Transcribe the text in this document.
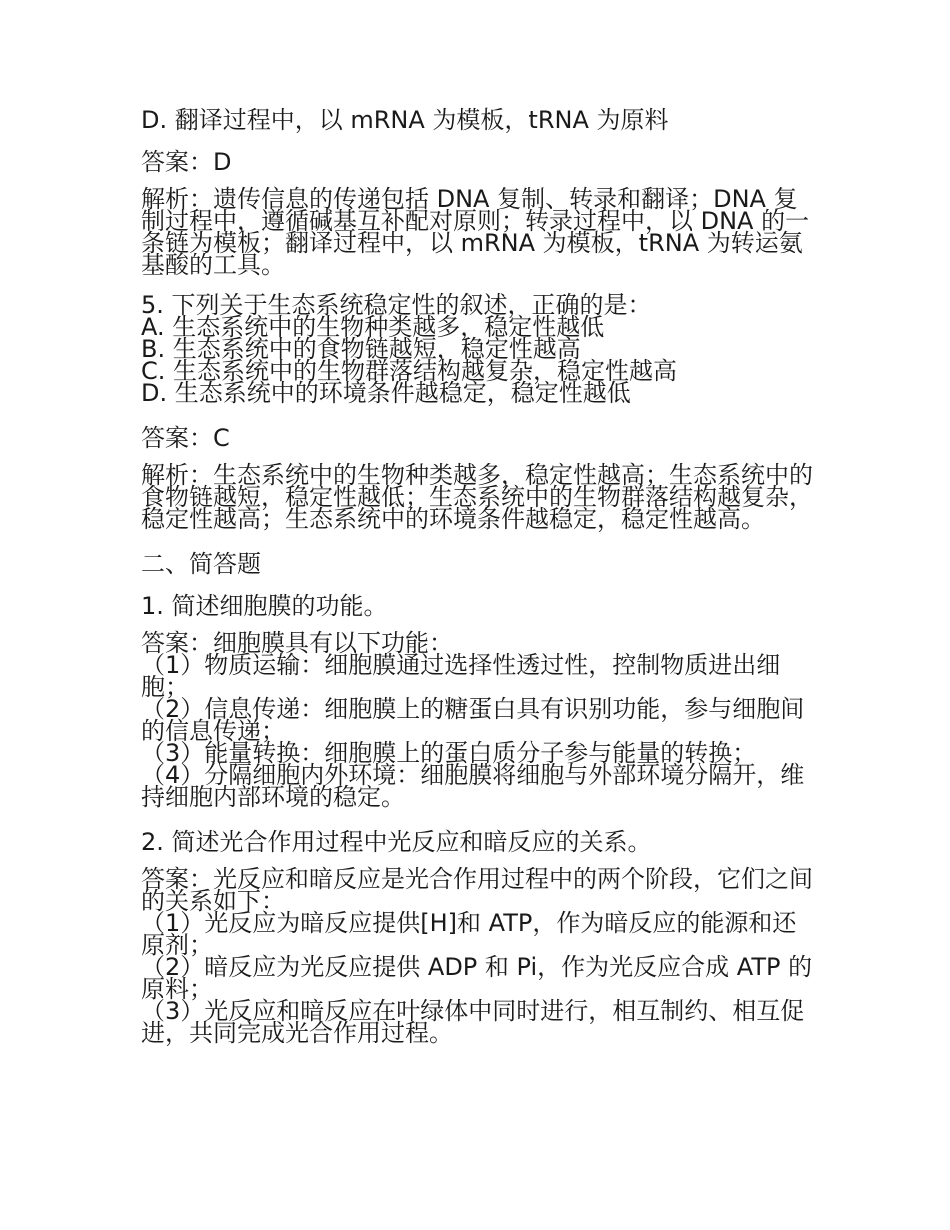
D. 翻译过程中，以 mRNA 为模板，tRNA 为原料
答案：D
解析：遗传信息的传递包括 DNA 复制、转录和翻译；DNA 复制过程中，遵循碱基互补配对原则；转录过程中，以 DNA 的一条链为模板；翻译过程中，以 mRNA 为模板，tRNA 为转运氨基酸的工具。
5. 下列关于生态系统稳定性的叙述，正确的是：
A. 生态系统中的生物种类越多，稳定性越低
B. 生态系统中的食物链越短，稳定性越高
C. 生态系统中的生物群落结构越复杂，稳定性越高
D. 生态系统中的环境条件越稳定，稳定性越低
答案：C
解析：生态系统中的生物种类越多，稳定性越高；生态系统中的食物链越短，稳定性越低；生态系统中的生物群落结构越复杂，稳定性越高；生态系统中的环境条件越稳定，稳定性越高。
二、简答题
1. 简述细胞膜的功能。
答案：细胞膜具有以下功能：
（1）物质运输：细胞膜通过选择性透过性，控制物质进出细胞；
（2）信息传递：细胞膜上的糖蛋白具有识别功能，参与细胞间的信息传递；
（3）能量转换：细胞膜上的蛋白质分子参与能量的转换；
（4）分隔细胞内外环境：细胞膜将细胞与外部环境分隔开，维持细胞内部环境的稳定。
2. 简述光合作用过程中光反应和暗反应的关系。
答案：光反应和暗反应是光合作用过程中的两个阶段，它们之间的关系如下：
（1）光反应为暗反应提供[H]和 ATP，作为暗反应的能源和还原剂；
（2）暗反应为光反应提供 ADP 和 Pi，作为光反应合成 ATP 的原料；
（3）光反应和暗反应在叶绿体中同时进行，相互制约、相互促进，共同完成光合作用过程。
